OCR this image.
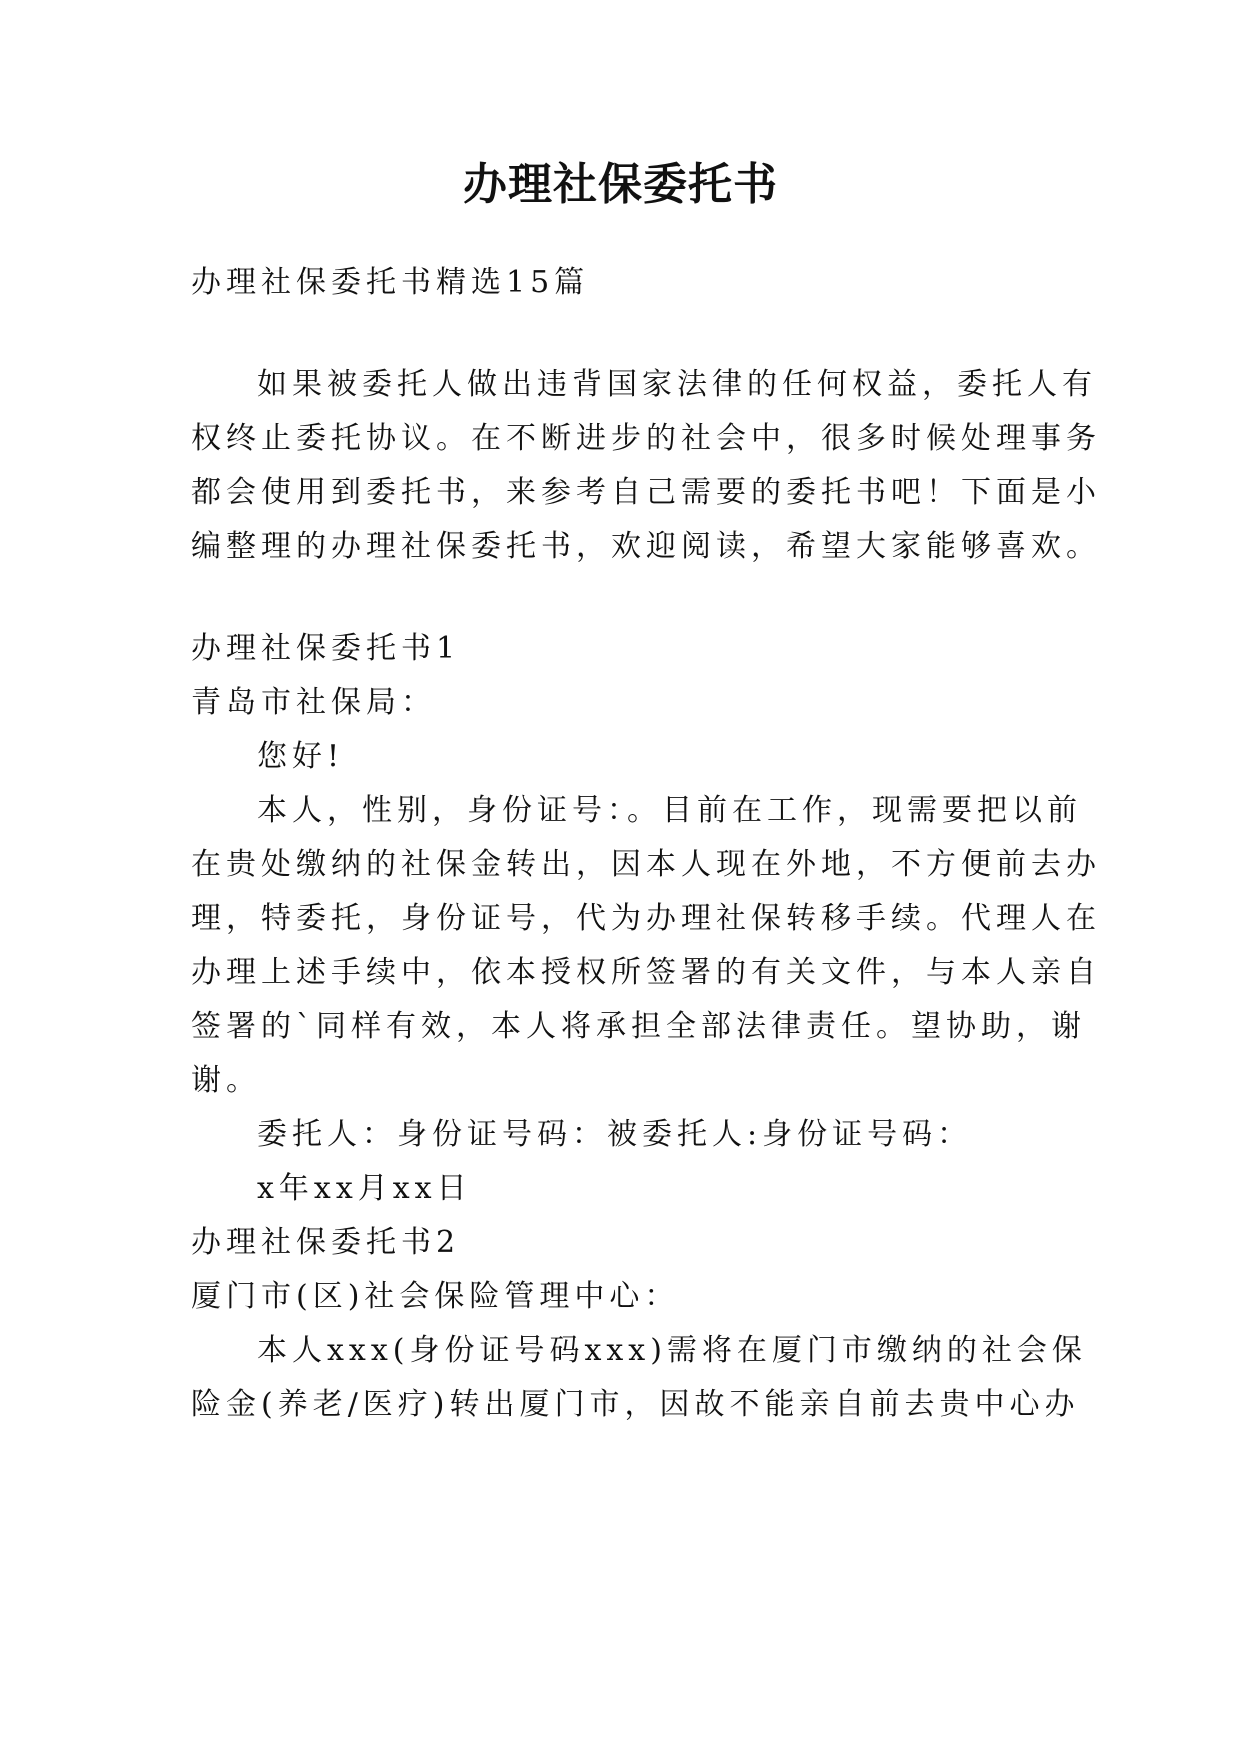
办理社保委托书
办理社保委托书精选15篇
如果被委托人做出违背国家法律的任何权益，委托人有
权终止委托协议。在不断进步的社会中，很多时候处理事务
都会使用到委托书，来参考自己需要的委托书吧！下面是小
编整理的办理社保委托书，欢迎阅读，希望大家能够喜欢。
办理社保委托书1
青岛市社保局：
您好!
本人，性别，身份证号：。目前在工作，现需要把以前
在贵处缴纳的社保金转出，因本人现在外地，不方便前去办
理，特委托，身份证号，代为办理社保转移手续。代理人在
办理上述手续中，依本授权所签署的有关文件，与本人亲自
签署的`同样有效，本人将承担全部法律责任。望协助，谢
谢。
委托人：身份证号码：被委托人:身份证号码：
x年xx月xx日
办理社保委托书2
厦门市(区)社会保险管理中心：
本人xxx(身份证号码xxx)需将在厦门市缴纳的社会保
险金(养老/医疗)转出厦门市，因故不能亲自前去贵中心办
